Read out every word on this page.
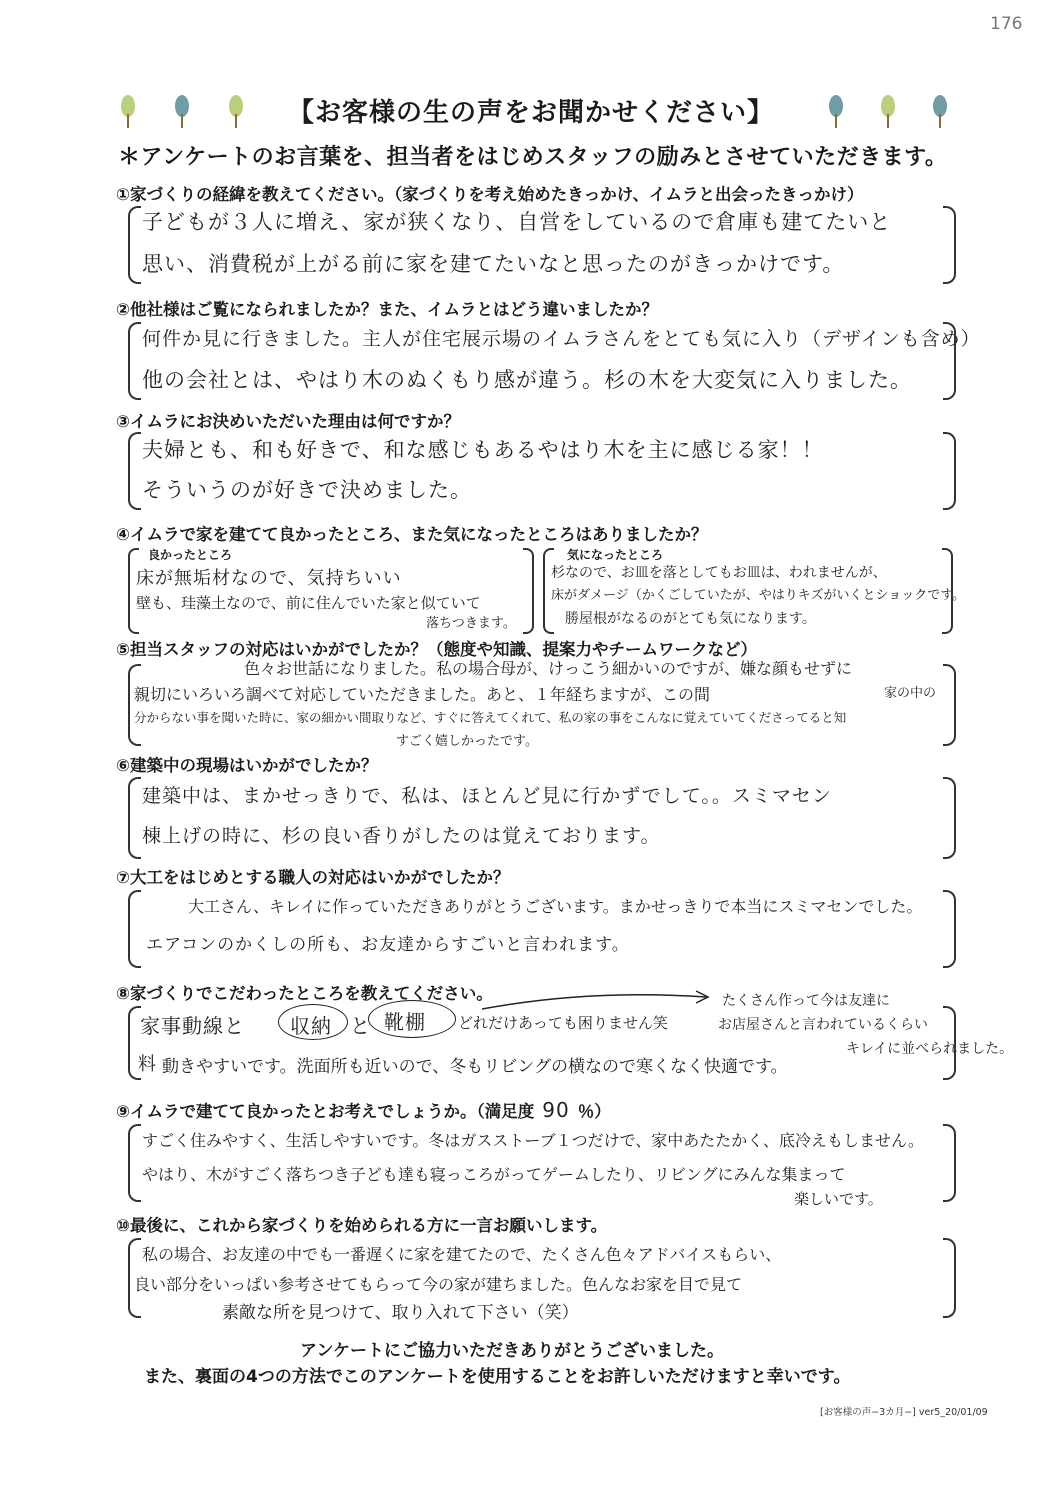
176
【お客様の生の声をお聞かせください】
＊アンケートのお言葉を、担当者をはじめスタッフの励みとさせていただきます。
①家づくりの経緯を教えてください。（家づくりを考え始めたきっかけ、イムラと出会ったきっかけ）
子どもが３人に増え、家が狭くなり、自営をしているので倉庫も建てたいと
思い、消費税が上がる前に家を建てたいなと思ったのがきっかけです。
②他社様はご覧になられましたか？また、イムラとはどう違いましたか？
何件か見に行きました。主人が住宅展示場のイムラさんをとても気に入り（デザインも含め）
他の会社とは、やはり木のぬくもり感が違う。杉の木を大変気に入りました。
③イムラにお決めいただいた理由は何ですか？
夫婦とも、和も好きで、和な感じもあるやはり木を主に感じる家！！
そういうのが好きで決めました。
④イムラで家を建てて良かったところ、また気になったところはありましたか？
良かったところ
床が無垢材なので、気持ちいい
壁も、珪藻土なので、前に住んでいた家と似ていて
落ちつきます。
気になったところ
杉なので、お皿を落としてもお皿は、われませんが、
床がダメージ（かくごしていたが、やはりキズがいくとショックです。
勝屋根がなるのがとても気になります。
⑤担当スタッフの対応はいかがでしたか？（態度や知識、提案力やチームワークなど）
色々お世話になりました。私の場合母が、けっこう細かいのですが、嫌な顔もせずに
親切にいろいろ調べて対応していただきました。あと、１年経ちますが、この間	家の中の
分からない事を聞いた時に、家の細かい間取りなど、すぐに答えてくれて、私の家の事をこんなに覚えていてくださってると知
すごく嬉しかったです。
⑥建築中の現場はいかがでしたか？
建築中は、まかせっきりで、私は、ほとんど見に行かずでして。。スミマセン
棟上げの時に、杉の良い香りがしたのは覚えております。
⑦大工をはじめとする職人の対応はいかがでしたか？
大工さん、キレイに作っていただきありがとうございます。まかせっきりで本当にスミマセンでした。
エアコンのかくしの所も、お友達からすごいと言われます。
⑧家づくりでこだわったところを教えてください。
家事動線と 収納 と 靴棚 どれだけあっても困りません笑
料 動きやすいです。洗面所も近いので、冬もリビングの横なので寒くなく快適です。
たくさん作って今は友達に
お店屋さんと言われているくらい
キレイに並べられました。
⑨イムラで建てて良かったとお考えでしょうか。（満足度 90 ％）
すごく住みやすく、生活しやすいです。冬はガスストーブ１つだけで、家中あたたかく、底冷えもしません。
やはり、木がすごく落ちつき子ども達も寝っころがってゲームしたり、リビングにみんな集まって
楽しいです。
⑩最後に、これから家づくりを始められる方に一言お願いします。
私の場合、お友達の中でも一番遅くに家を建てたので、たくさん色々アドバイスもらい、
良い部分をいっぱい参考させてもらって今の家が建ちました。色んなお家を目で見て
素敵な所を見つけて、取り入れて下さい（笑）
アンケートにご協力いただきありがとうございました。
また、裏面の4つの方法でこのアンケートを使用することをお許しいただけますと幸いです。
[お客様の声−3カ月−] ver5_20/01/09
